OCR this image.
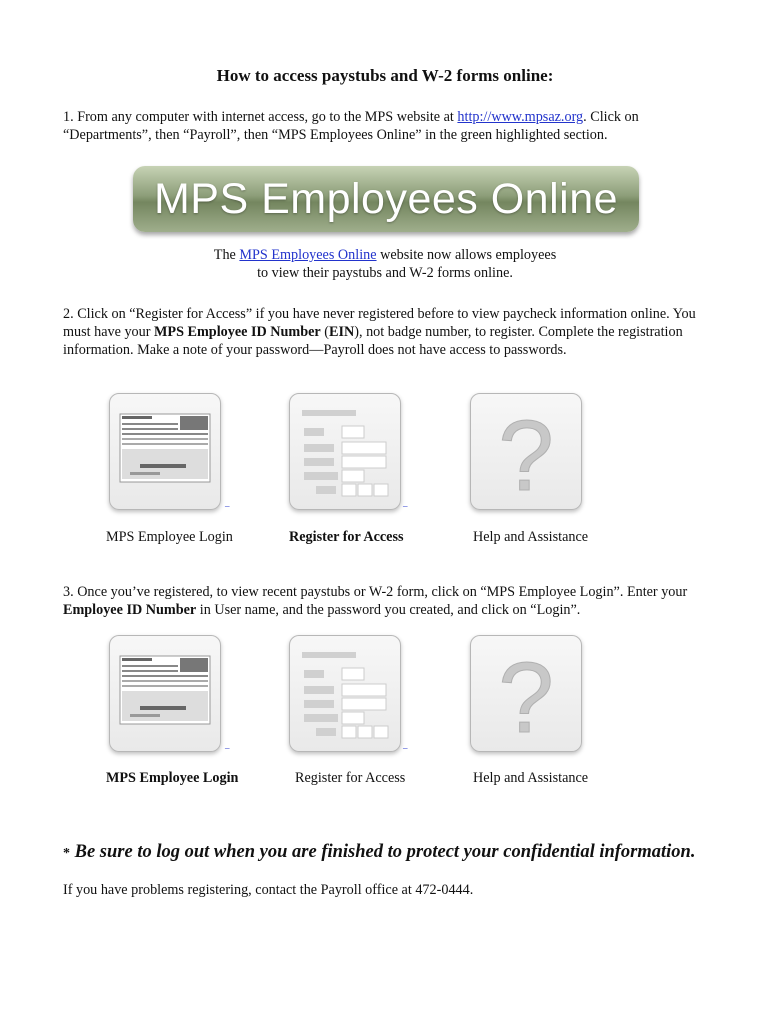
How to access paystubs and W-2 forms online:
1. From any computer with internet access, go to the MPS website at http://www.mpsaz.org. Click on
“Departments”, then “Payroll”, then “MPS Employees Online” in the green highlighted section.
MPS Employees Online
The MPS Employees Online website now allows employees
to view their paystubs and W-2 forms online.
2. Click on “Register for Access” if you have never registered before to view paycheck information online. You must have your MPS Employee ID Number (EIN), not badge number, to register. Complete the registration information. Make a note of your password—Payroll does not have access to passwords.
_	_ ?
MPS Employee Login	Register for Access	Help and Assistance
3. Once you’ve registered, to view recent paystubs or W-2 form, click on “MPS Employee Login”. Enter your Employee ID Number in User name, and the password you created, and click on “Login”.
_	_ ?
MPS Employee Login	Register for Access	Help and Assistance
* Be sure to log out when you are finished to protect your confidential information.
If you have problems registering, contact the Payroll office at 472-0444.
